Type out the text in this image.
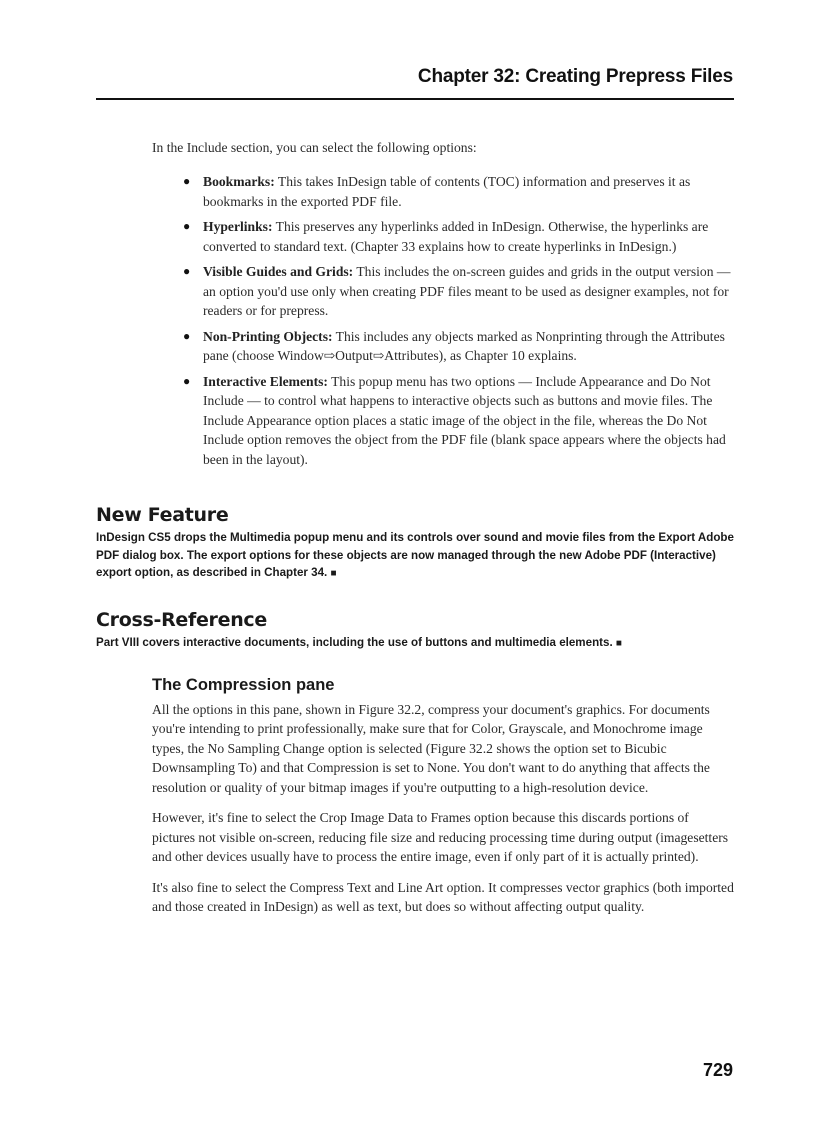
Chapter 32: Creating Prepress Files

In the Include section, you can select the following options:

● Bookmarks: This takes InDesign table of contents (TOC) information and preserves it as bookmarks in the exported PDF file.
● Hyperlinks: This preserves any hyperlinks added in InDesign. Otherwise, the hyperlinks are converted to standard text. (Chapter 33 explains how to create hyperlinks in InDesign.)
● Visible Guides and Grids: This includes the on-screen guides and grids in the output version — an option you'd use only when creating PDF files meant to be used as designer examples, not for readers or for prepress.
● Non-Printing Objects: This includes any objects marked as Nonprinting through the Attributes pane (choose Window⇨Output⇨Attributes), as Chapter 10 explains.
● Interactive Elements: This popup menu has two options — Include Appearance and Do Not Include — to control what happens to interactive objects such as buttons and movie files. The Include Appearance option places a static image of the object in the file, whereas the Do Not Include option removes the object from the PDF file (blank space appears where the objects had been in the layout).
New Feature

InDesign CS5 drops the Multimedia popup menu and its controls over sound and movie files from the Export Adobe PDF dialog box. The export options for these objects are now managed through the new Adobe PDF (Interactive) export option, as described in Chapter 34. ■

Cross-Reference

Part VIII covers interactive documents, including the use of buttons and multimedia elements. ■

The Compression pane

All the options in this pane, shown in Figure 32.2, compress your document's graphics. For documents you're intending to print professionally, make sure that for Color, Grayscale, and Monochrome image types, the No Sampling Change option is selected (Figure 32.2 shows the option set to Bicubic Downsampling To) and that Compression is set to None. You don't want to do anything that affects the resolution or quality of your bitmap images if you're outputting to a high-resolution device.

However, it's fine to select the Crop Image Data to Frames option because this discards portions of pictures not visible on-screen, reducing file size and reducing processing time during output (imagesetters and other devices usually have to process the entire image, even if only part of it is actually printed).

It's also fine to select the Compress Text and Line Art option. It compresses vector graphics (both imported and those created in InDesign) as well as text, but does so without affecting output quality.

729
